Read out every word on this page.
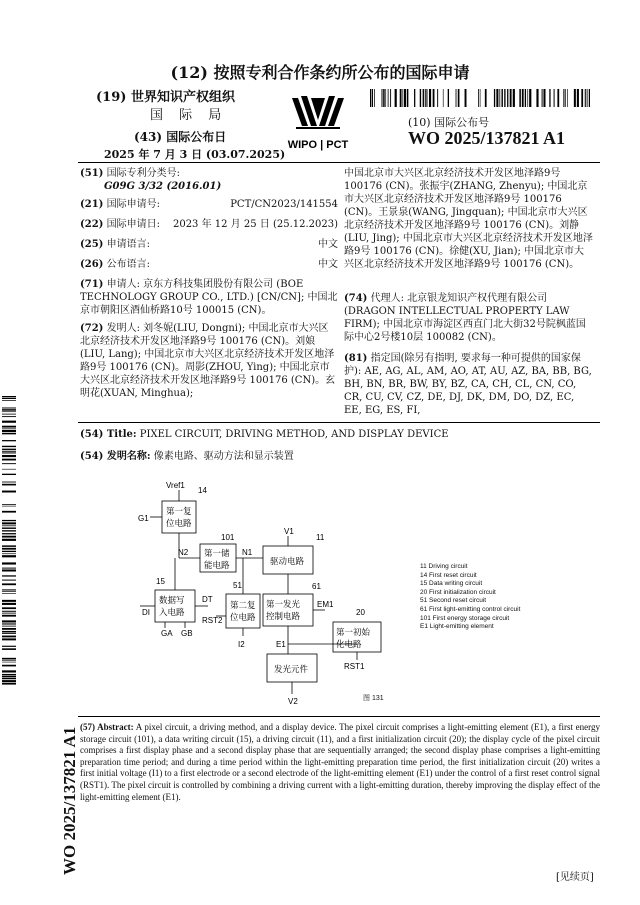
(12) 按照专利合作条约所公布的国际申请
(19) 世界知识产权组织
国 际 局
(43) 国际公布日
2025 年 7 月 3 日 (03.07.2025)
WIPO | PCT
(10) 国际公布号
WO 2025/137821 A1
(51) 国际专利分类号:
G09G 3/32 (2016.01)
(21) 国际申请号:	PCT/CN2023/141554
(22) 国际申请日: 2023 年 12 月 25 日 (25.12.2023)
(25) 申请语言:	中文
(26) 公布语言:	中文
(71) 申请人: 京东方科技集团股份有限公司 (BOE TECHNOLOGY GROUP CO., LTD.) [CN/CN]; 中国北京市朝阳区酒仙桥路10号 100015 (CN)。
(72) 发明人: 刘冬妮(LIU, Dongni); 中国北京市大兴区北京经济技术开发区地泽路9号 100176 (CN)。刘娘(LIU, Lang); 中国北京市大兴区北京经济技术开发区地泽路9号 100176 (CN)。周影(ZHOU, Ying); 中国北京市大兴区北京经济技术开发区地泽路9号 100176 (CN)。玄明花(XUAN, Minghua);
中国北京市大兴区北京经济技术开发区地泽路9号 100176 (CN)。张振宇(ZHANG, Zhenyu); 中国北京市大兴区北京经济技术开发区地泽路9号 100176 (CN)。王景泉(WANG, Jingquan); 中国北京市大兴区北京经济技术开发区地泽路9号 100176 (CN)。刘静(LIU, Jing); 中国北京市大兴区北京经济技术开发区地泽路9号 100176 (CN)。徐健(XU, Jian); 中国北京市大兴区北京经济技术开发区地泽路9号 100176 (CN)。
(74) 代理人: 北京银龙知识产权代理有限公司 (DRAGON INTELLECTUAL PROPERTY LAW FIRM); 中国北京市海淀区西直门北大街32号院枫蓝国际中心2号楼10层 100082 (CN)。
(81) 指定国(除另有指明, 要求每一种可提供的国家保护): AE, AG, AL, AM, AO, AT, AU, AZ, BA, BB, BG, BH, BN, BR, BW, BY, BZ, CA, CH, CL, CN, CO, CR, CU, CV, CZ, DE, DJ, DK, DM, DO, DZ, EC, EE, EG, ES, FI,
(54) Title: PIXEL CIRCUIT, DRIVING METHOD, AND DISPLAY DEVICE
(54) 发明名称: 像素电路、驱动方法和显示装置
Vref1
14
G1
第一复
位电路
N2
101
第一储
能电路
N1
V1
11
驱动电路
15
数据写
入电路
DI
DT
GA GB
RST2
51
第二复
位电路
61
第一发光
控制电路
EM1
20
第一初始
化电路
RST1
I2	E1
发光元件
V2	图 131
11 Driving circuit
14 First reset circuit
15 Data writing circuit
20 First initialization circuit
51 Second reset circuit
61 First light-emitting control circuit
101 First energy storage circuit
E1 Light-emitting element
(57) Abstract: A pixel circuit, a driving method, and a display device. The pixel circuit comprises a light-emitting element (E1), a first energy storage circuit (101), a data writing circuit (15), a driving circuit (11), and a first initialization circuit (20); the display cycle of the pixel circuit comprises a first display phase and a second display phase that are sequentially arranged; the second display phase comprises a light-emitting preparation time period; and during a time period within the light-emitting preparation time period, the first initialization circuit (20) writes a first initial voltage (I1) to a first electrode or a second electrode of the light-emitting element (E1) under the control of a first reset control signal (RST1). The pixel circuit is controlled by combining a driving current with a light-emitting duration, thereby improving the display effect of the light-emitting element (E1).
WO 2025/137821 A1
[见续页]
